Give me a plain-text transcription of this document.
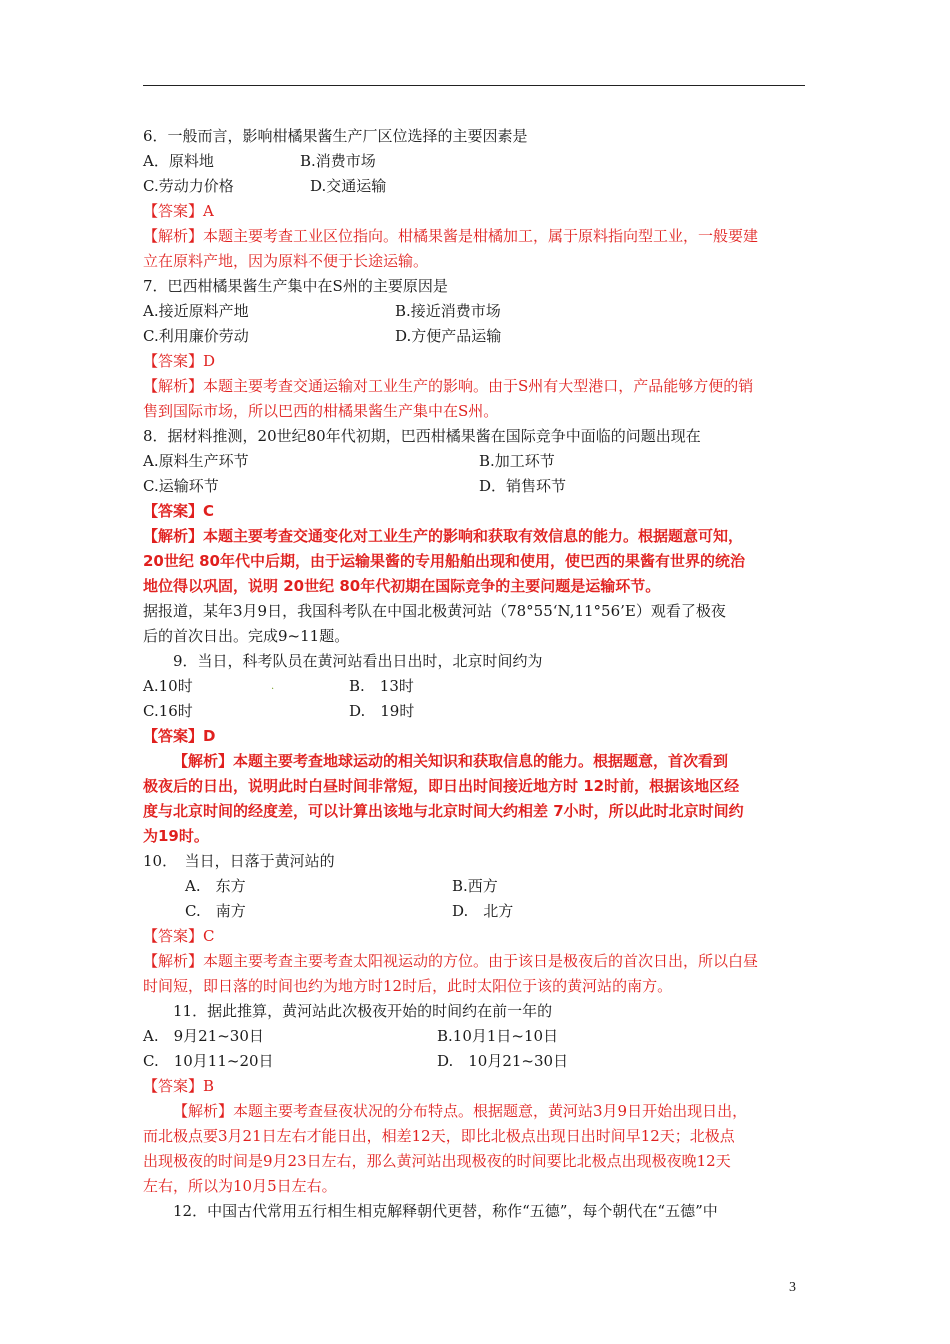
6．一般而言，影响柑橘果酱生产厂区位选择的主要因素是
A．原料地	B.消费市场
C.劳动力价格	D.交通运输
【答案】A
【解析】本题主要考查工业区位指向。柑橘果酱是柑橘加工，属于原料指向型工业，一般要建
立在原料产地，因为原料不便于长途运输。
7．巴西柑橘果酱生产集中在S州的主要原因是
A.接近原料产地	B.接近消费市场
C.利用廉价劳动	D.方便产品运输
【答案】D
【解析】本题主要考查交通运输对工业生产的影响。由于S州有大型港口，产品能够方便的销
售到国际市场，所以巴西的柑橘果酱生产集中在S州。
8．据材料推测，20世纪80年代初期，巴西柑橘果酱在国际竞争中面临的问题出现在
A.原料生产环节	B.加工环节
C.运输环节	D．销售环节
【答案】C
【解析】本题主要考查交通变化对工业生产的影响和获取有效信息的能力。根据题意可知，
20世纪 80年代中后期，由于运输果酱的专用船舶出现和使用，使巴西的果酱有世界的统治
地位得以巩固，说明 20世纪 80年代初期在国际竞争的主要问题是运输环节。
据报道，某年3月9日，我国科考队在中国北极黄河站（78°55‘N,11°56’E）观看了极夜
后的首次日出。完成9~11题。
9．当日，科考队员在黄河站看出日出时，北京时间约为
A.10时	.	B.　13时
C.16时	D.　19时
【答案】D
【解析】本题主要考查地球运动的相关知识和获取信息的能力。根据题意，首次看到
极夜后的日出，说明此时白昼时间非常短，即日出时间接近地方时 12时前，根据该地区经
度与北京时间的经度差，可以计算出该地与北京时间大约相差 7小时，所以此时北京时间约
为19时。
10．　当日，日落于黄河站的
A.　东方	B.西方
C.　南方	D.　北方
【答案】C
【解析】本题主要考查主要考查太阳视运动的方位。由于该日是极夜后的首次日出，所以白昼
时间短，即日落的时间也约为地方时12时后，此时太阳位于该的黄河站的南方。
11．据此推算，黄河站此次极夜开始的时间约在前一年的
A.　9月21~30日	B.10月1日~10日
C.　10月11~20日	D.　10月21~30日
【答案】B
【解析】本题主要考查昼夜状况的分布特点。根据题意，黄河站3月9日开始出现日出，
而北极点要3月21日左右才能日出，相差12天，即比北极点出现日出时间早12天；北极点
出现极夜的时间是9月23日左右，那么黄河站出现极夜的时间要比北极点出现极夜晚12天
左右，所以为10月5日左右。
12．中国古代常用五行相生相克解释朝代更替，称作“五德”，每个朝代在“五德”中
3
